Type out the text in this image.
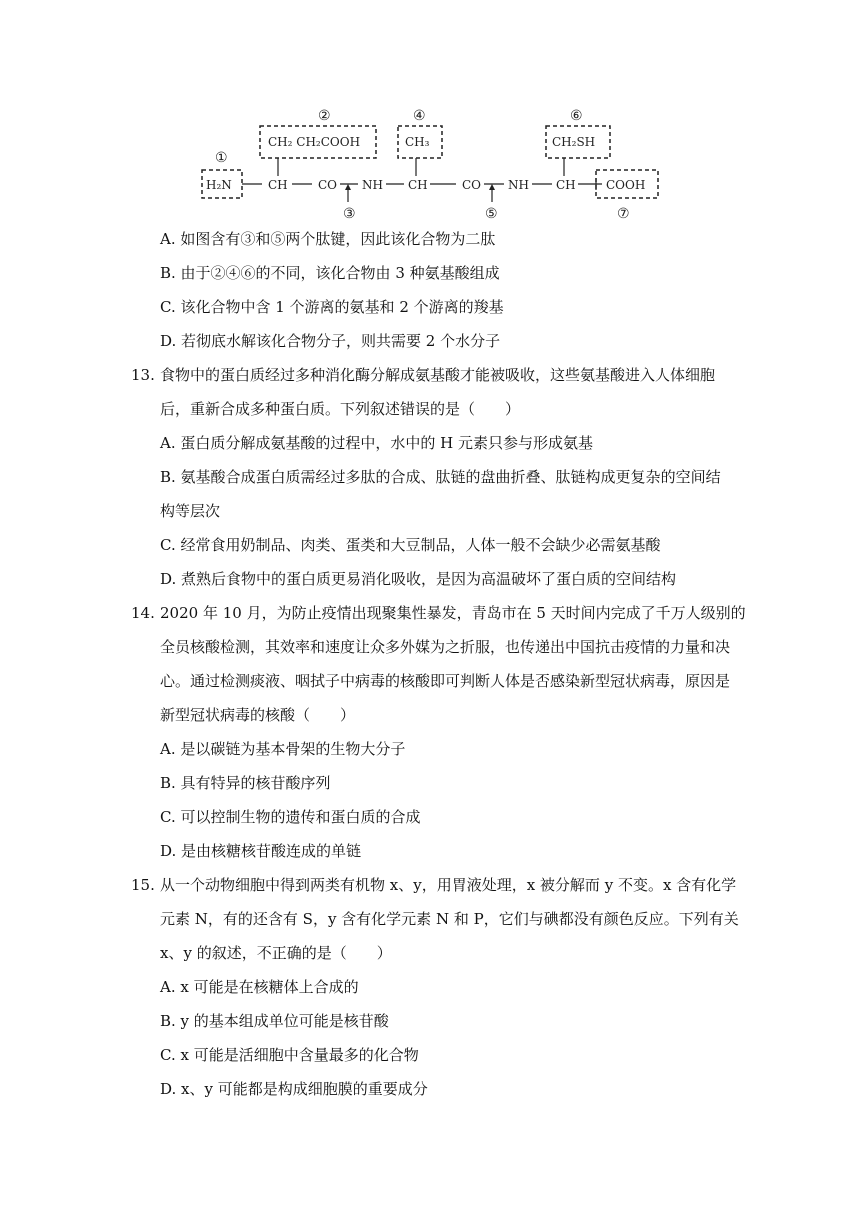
①
②
③
④
⑤
⑥
⑦
H₂N
CH₂ CH₂COOH	CH₃	CH₂SH
COOH
CH	CO NH CH	CO NH CH
A. 如图含有③和⑤两个肽键，因此该化合物为二肽
B. 由于②④⑥的不同，该化合物由 3 种氨基酸组成
C. 该化合物中含 1 个游离的氨基和 2 个游离的羧基
D. 若彻底水解该化合物分子，则共需要 2 个水分子
13. 食物中的蛋白质经过多种消化酶分解成氨基酸才能被吸收，这些氨基酸进入人体细胞
后，重新合成多种蛋白质。下列叙述错误的是（　　）
A. 蛋白质分解成氨基酸的过程中，水中的 H 元素只参与形成氨基
B. 氨基酸合成蛋白质需经过多肽的合成、肽链的盘曲折叠、肽链构成更复杂的空间结
构等层次
C. 经常食用奶制品、肉类、蛋类和大豆制品，人体一般不会缺少必需氨基酸
D. 煮熟后食物中的蛋白质更易消化吸收，是因为高温破坏了蛋白质的空间结构
14. 2020 年 10 月，为防止疫情出现聚集性暴发，青岛市在 5 天时间内完成了千万人级别的
全员核酸检测，其效率和速度让众多外媒为之折服，也传递出中国抗击疫情的力量和决
心。通过检测痰液、咽拭子中病毒的核酸即可判断人体是否感染新型冠状病毒，原因是
新型冠状病毒的核酸（　　）
A. 是以碳链为基本骨架的生物大分子
B. 具有特异的核苷酸序列
C. 可以控制生物的遗传和蛋白质的合成
D. 是由核糖核苷酸连成的单链
15. 从一个动物细胞中得到两类有机物 x、y，用胃液处理，x 被分解而 y 不变。x 含有化学
元素 N，有的还含有 S，y 含有化学元素 N 和 P，它们与碘都没有颜色反应。下列有关
x、y 的叙述，不正确的是（　　）
A. x 可能是在核糖体上合成的
B. y 的基本组成单位可能是核苷酸
C. x 可能是活细胞中含量最多的化合物
D. x、y 可能都是构成细胞膜的重要成分
